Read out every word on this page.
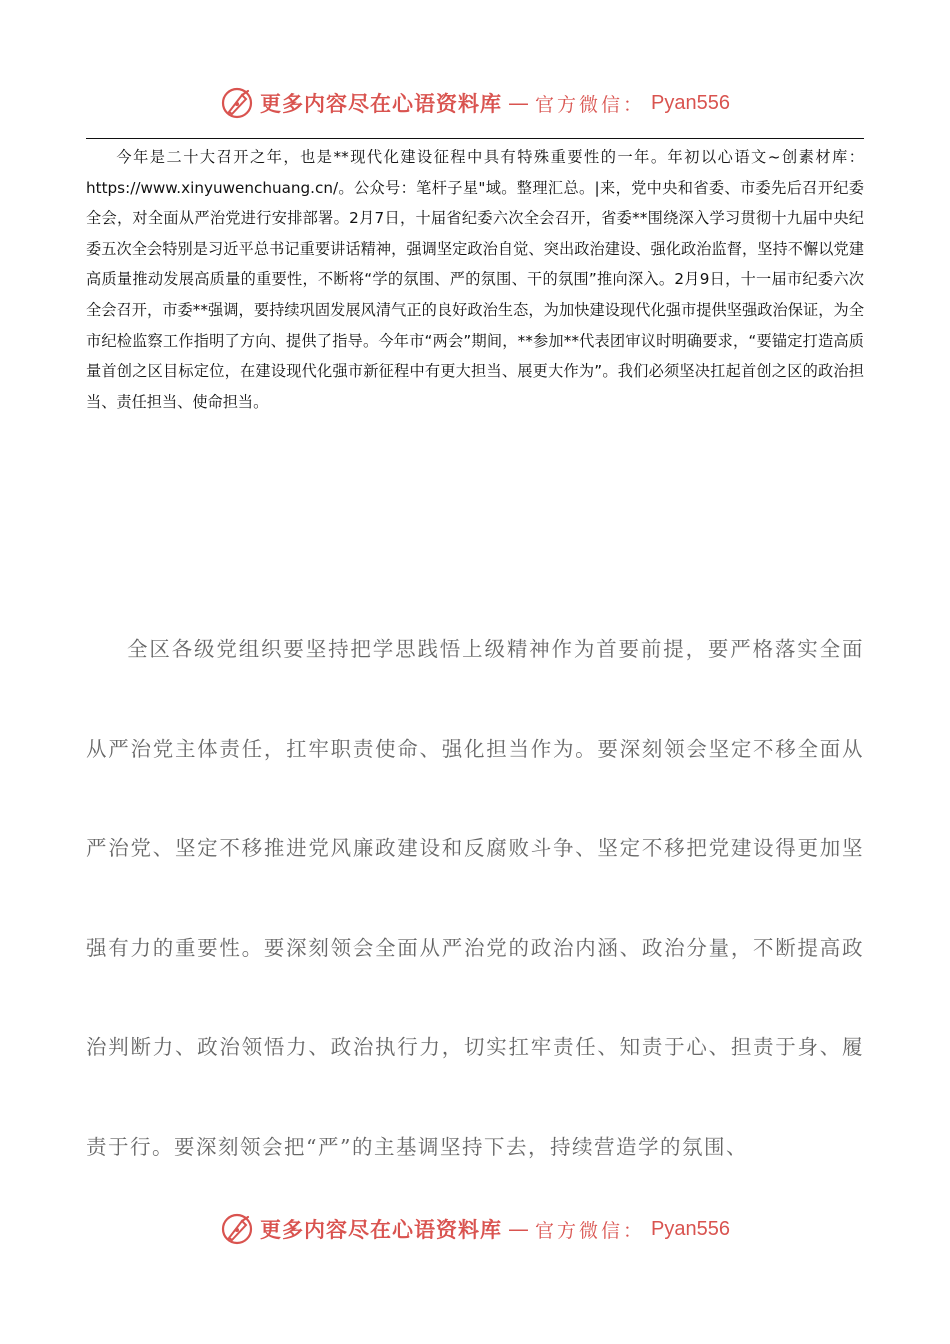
更多内容尽在心语资料库 — 官方微信： Pyan556

今年是二十大召开之年，也是**现代化建设征程中具有特殊重要性的一年。年初以心语文~创素材库：https://www.xinyuwenchuang.cn/。公众号：笔杆子星"域。整理汇总。|来，党中央和省委、市委先后召开纪委全会，对全面从严治党进行安排部署。2月7日，十届省纪委六次全会召开，省委**围绕深入学习贯彻十九届中央纪委五次全会特别是习近平总书记重要讲话精神，强调坚定政治自觉、突出政治建设、强化政治监督，坚持不懈以党建高质量推动发展高质量的重要性，不断将“学的氛围、严的氛围、干的氛围”推向深入。2月9日，十一届市纪委六次全会召开，市委**强调，要持续巩固发展风清气正的良好政治生态，为加快建设现代化强市提供坚强政治保证，为全市纪检监察工作指明了方向、提供了指导。今年市“两会”期间，**参加**代表团审议时明确要求，“要锚定打造高质量首创之区目标定位，在建设现代化强市新征程中有更大担当、展更大作为”。我们必须坚决扛起首创之区的政治担当、责任担当、使命担当。

全区各级党组织要坚持把学思践悟上级精神作为首要前提，要严格落实全面从严治党主体责任，扛牢职责使命、强化担当作为。要深刻领会坚定不移全面从严治党、坚定不移推进党风廉政建设和反腐败斗争、坚定不移把党建设得更加坚强有力的重要性。要深刻领会全面从严治党的政治内涵、政治分量，不断提高政治判断力、政治领悟力、政治执行力，切实扛牢责任、知责于心、担责于身、履责于行。要深刻领会把“严”的主基调坚持下去，持续营造学的氛围、

更多内容尽在心语资料库 — 官方微信： Pyan556
